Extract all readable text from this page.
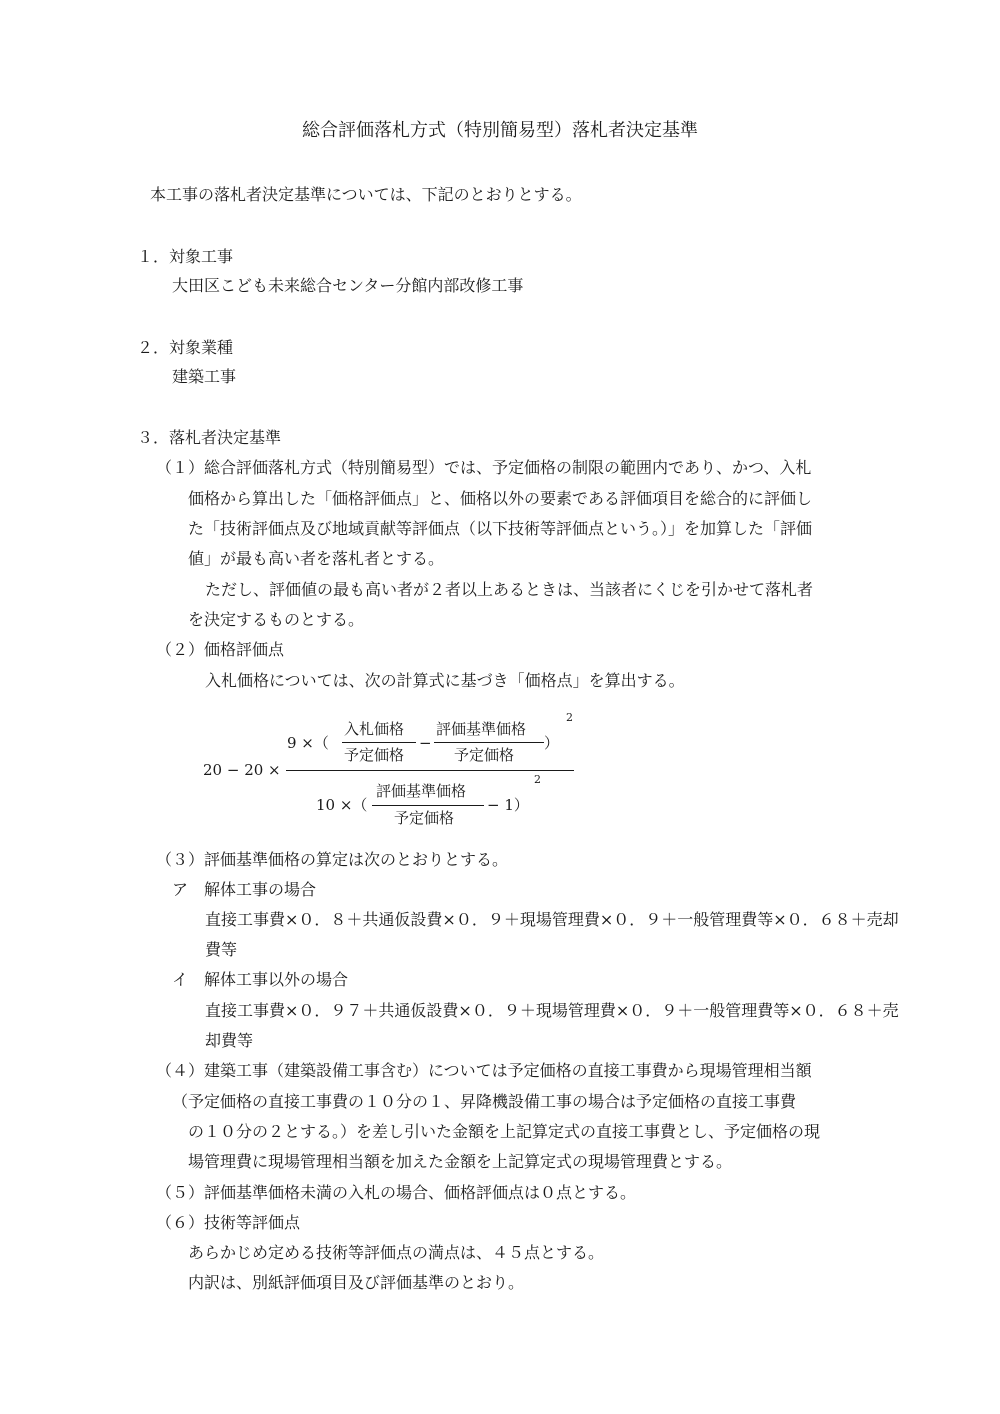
総合評価落札方式（特別簡易型）落札者決定基準
本工事の落札者決定基準については、下記のとおりとする。
１．対象工事
大田区こども未来総合センター分館内部改修工事
２．対象業種
建築工事
３．落札者決定基準
（１）総合評価落札方式（特別簡易型）では、予定価格の制限の範囲内であり、かつ、入札
価格から算出した「価格評価点」と、価格以外の要素である評価項目を総合的に評価し
た「技術評価点及び地域貢献等評価点（以下技術等評価点という。）」を加算した「評価
値」が最も高い者を落札者とする。
ただし、評価値の最も高い者が２者以上あるときは、当該者にくじを引かせて落札者
を決定するものとする。
（２）価格評価点
入札価格については、次の計算式に基づき「価格点」を算出する。
20 − 20 ×
9 ×（
入札価格
予定価格
−
評価基準価格
予定価格
）
2
10 ×（
評価基準価格
予定価格
− 1）
2
（３）評価基準価格の算定は次のとおりとする。
ア　解体工事の場合
直接工事費×０．８＋共通仮設費×０．９＋現場管理費×０．９＋一般管理費等×０．６８＋売却
費等
イ　解体工事以外の場合
直接工事費×０．９７＋共通仮設費×０．９＋現場管理費×０．９＋一般管理費等×０．６８＋売
却費等
（４）建築工事（建築設備工事含む）については予定価格の直接工事費から現場管理相当額
（予定価格の直接工事費の１０分の１、昇降機設備工事の場合は予定価格の直接工事費
の１０分の２とする。）を差し引いた金額を上記算定式の直接工事費とし、予定価格の現
場管理費に現場管理相当額を加えた金額を上記算定式の現場管理費とする。
（５）評価基準価格未満の入札の場合、価格評価点は０点とする。
（６）技術等評価点
あらかじめ定める技術等評価点の満点は、４５点とする。
内訳は、別紙評価項目及び評価基準のとおり。
